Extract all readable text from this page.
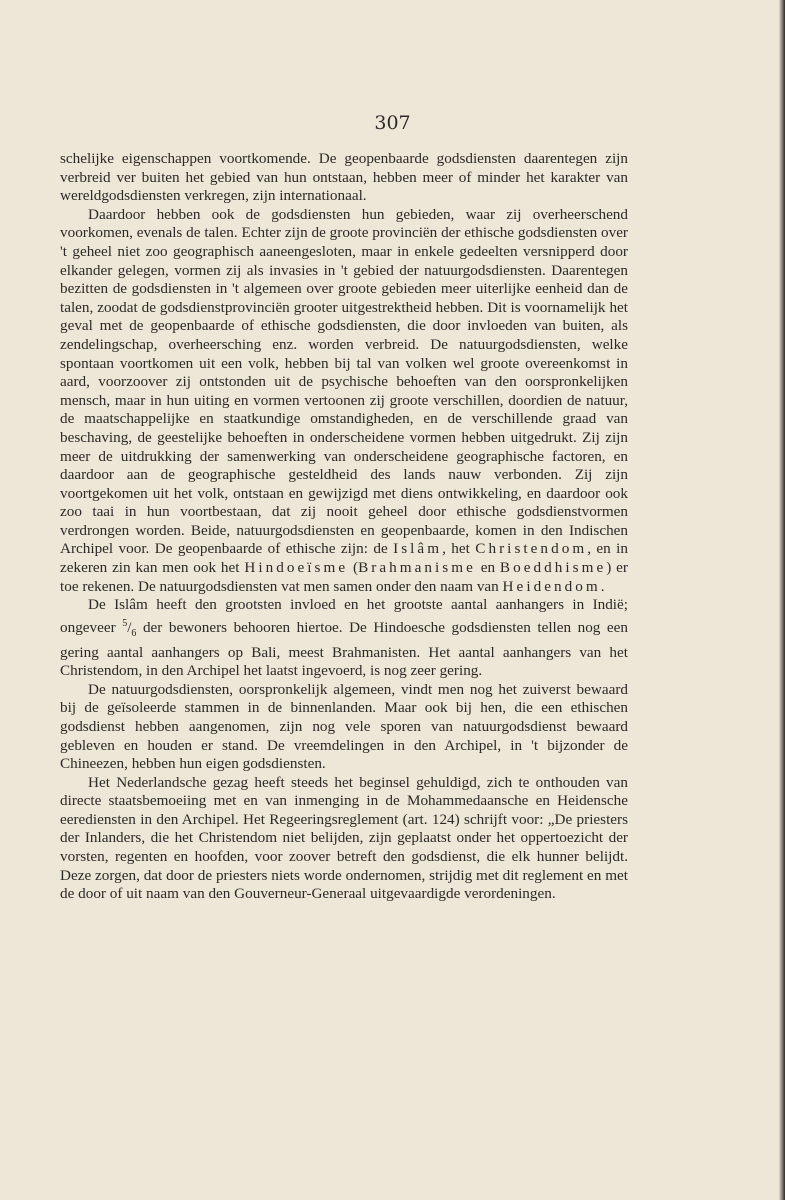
307

schelijke eigenschappen voortkomende. De geopenbaarde godsdiensten daarentegen zijn verbreid ver buiten het gebied van hun ontstaan, hebben meer of minder het karakter van wereldgodsdiensten verkregen, zijn internationaal.

Daardoor hebben ook de godsdiensten hun gebieden, waar zij overheerschend voorkomen, evenals de talen. Echter zijn de groote provinciën der ethische godsdiensten over 't geheel niet zoo geographisch aaneengesloten, maar in enkele gedeelten versnipperd door elkander gelegen, vormen zij als invasies in 't gebied der natuurgodsdiensten. Daarentegen bezitten de godsdiensten in 't algemeen over groote gebieden meer uiterlijke eenheid dan de talen, zoodat de godsdienstprovinciën grooter uitgestrektheid hebben. Dit is voornamelijk het geval met de geopenbaarde of ethische godsdiensten, die door invloeden van buiten, als zendelingschap, overheersching enz. worden verbreid. De natuurgodsdiensten, welke spontaan voortkomen uit een volk, hebben bij tal van volken wel groote overeenkomst in aard, voorzoover zij ontstonden uit de psychische behoeften van den oorspronkelijken mensch, maar in hun uiting en vormen vertoonen zij groote verschillen, doordien de natuur, de maatschappelijke en staatkundige omstandigheden, en de verschillende graad van beschaving, de geestelijke behoeften in onderscheidene vormen hebben uitgedrukt. Zij zijn meer de uitdrukking der samenwerking van onderscheidene geographische factoren, en daardoor aan de geographische gesteldheid des lands nauw verbonden. Zij zijn voortgekomen uit het volk, ontstaan en gewijzigd met diens ontwikkeling, en daardoor ook zoo taai in hun voortbestaan, dat zij nooit geheel door ethische godsdienstvormen verdrongen worden. Beide, natuurgodsdiensten en geopenbaarde, komen in den Indischen Archipel voor. De geopenbaarde of ethische zijn: de Islâm, het Christendom, en in zekeren zin kan men ook het Hindoeïsme (Brahmanisme en Boeddhisme) er toe rekenen. De natuurgodsdiensten vat men samen onder den naam van Heidendom.

De Islâm heeft den grootsten invloed en het grootste aantal aanhangers in Indië; ongeveer $^5/_6$ der bewoners behooren hiertoe. De Hindoesche godsdiensten tellen nog een gering aantal aanhangers op Bali, meest Brahmanisten. Het aantal aanhangers van het Christendom, in den Archipel het laatst ingevoerd, is nog zeer gering.

De natuurgodsdiensten, oorspronkelijk algemeen, vindt men nog het zuiverst bewaard bij de geïsoleerde stammen in de binnenlanden. Maar ook bij hen, die een ethischen godsdienst hebben aangenomen, zijn nog vele sporen van natuurgodsdienst bewaard gebleven en houden er stand. De vreemdelingen in den Archipel, in 't bijzonder de Chineezen, hebben hun eigen godsdiensten.

Het Nederlandsche gezag heeft steeds het beginsel gehuldigd, zich te onthouden van directe staatsbemoeiing met en van inmenging in de Mohammedaansche en Heidensche eerediensten in den Archipel. Het Regeeringsreglement (art. 124) schrijft voor: „De priesters der Inlanders, die het Christendom niet belijden, zijn geplaatst onder het oppertoezicht der vorsten, regenten en hoofden, voor zoover betreft den godsdienst, die elk hunner belijdt. Deze zorgen, dat door de priesters niets worde ondernomen, strijdig met dit reglement en met de door of uit naam van den Gouverneur-Generaal uitgevaardigde verordeningen.
